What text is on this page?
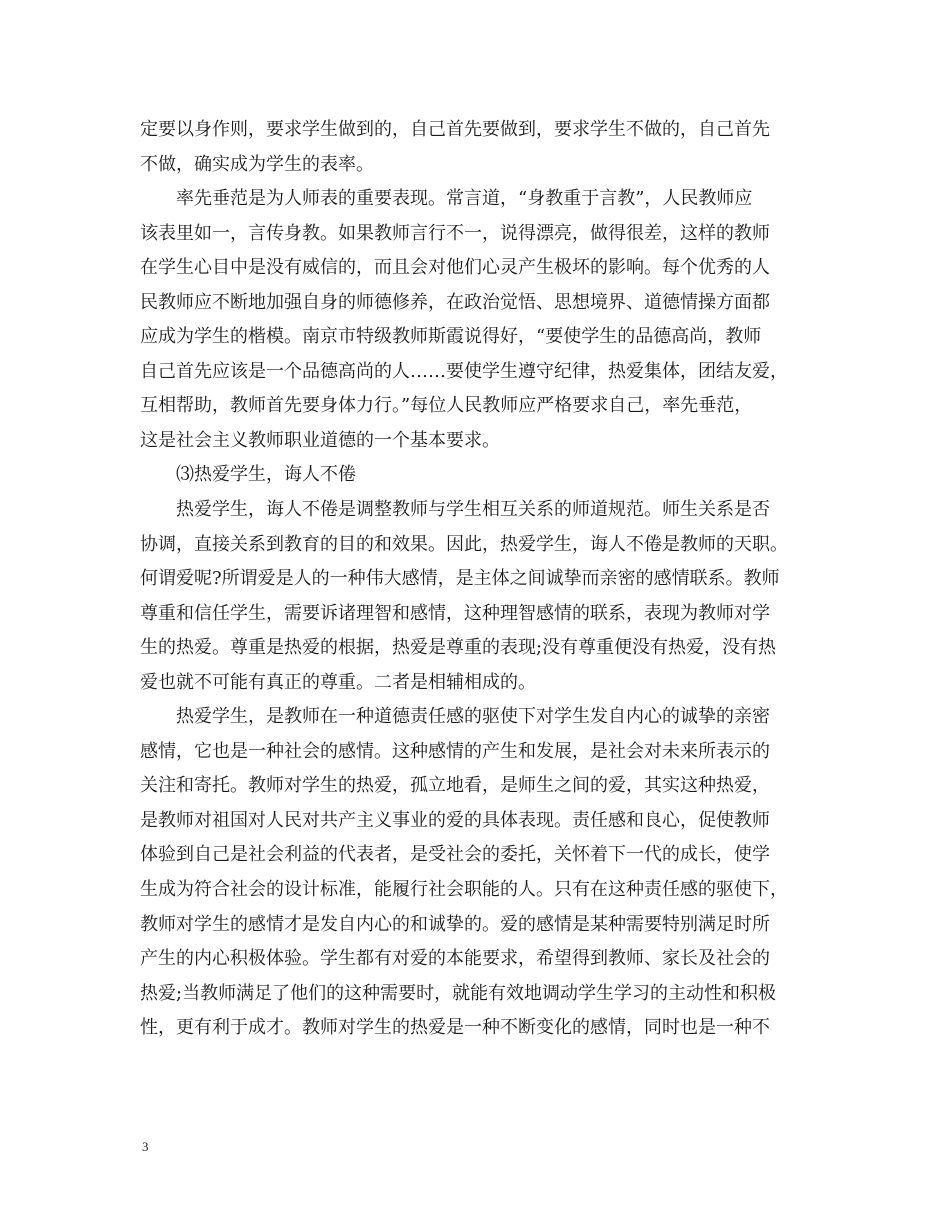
定要以身作则，要求学生做到的，自己首先要做到，要求学生不做的，自己首先
不做，确实成为学生的表率。
率先垂范是为人师表的重要表现。常言道，“身教重于言教”，人民教师应
该表里如一，言传身教。如果教师言行不一，说得漂亮，做得很差，这样的教师
在学生心目中是没有威信的，而且会对他们心灵产生极坏的影响。每个优秀的人
民教师应不断地加强自身的师德修养，在政治觉悟、思想境界、道德情操方面都
应成为学生的楷模。南京市特级教师斯霞说得好，“要使学生的品德高尚，教师
自己首先应该是一个品德高尚的人……要使学生遵守纪律，热爱集体，团结友爱，
互相帮助，教师首先要身体力行。”每位人民教师应严格要求自己，率先垂范，
这是社会主义教师职业道德的一个基本要求。
⑶热爱学生，诲人不倦
热爱学生，诲人不倦是调整教师与学生相互关系的师道规范。师生关系是否
协调，直接关系到教育的目的和效果。因此，热爱学生，诲人不倦是教师的天职。
何谓爱呢?所谓爱是人的一种伟大感情，是主体之间诚挚而亲密的感情联系。教师
尊重和信任学生，需要诉诸理智和感情，这种理智感情的联系，表现为教师对学
生的热爱。尊重是热爱的根据，热爱是尊重的表现;没有尊重便没有热爱，没有热
爱也就不可能有真正的尊重。二者是相辅相成的。
热爱学生，是教师在一种道德责任感的驱使下对学生发自内心的诚挚的亲密
感情，它也是一种社会的感情。这种感情的产生和发展，是社会对未来所表示的
关注和寄托。教师对学生的热爱，孤立地看，是师生之间的爱，其实这种热爱，
是教师对祖国对人民对共产主义事业的爱的具体表现。责任感和良心，促使教师
体验到自己是社会利益的代表者，是受社会的委托，关怀着下一代的成长，使学
生成为符合社会的设计标准，能履行社会职能的人。只有在这种责任感的驱使下，
教师对学生的感情才是发自内心的和诚挚的。爱的感情是某种需要特别满足时所
产生的内心积极体验。学生都有对爱的本能要求，希望得到教师、家长及社会的
热爱;当教师满足了他们的这种需要时，就能有效地调动学生学习的主动性和积极
性，更有利于成才。教师对学生的热爱是一种不断变化的感情，同时也是一种不
3
